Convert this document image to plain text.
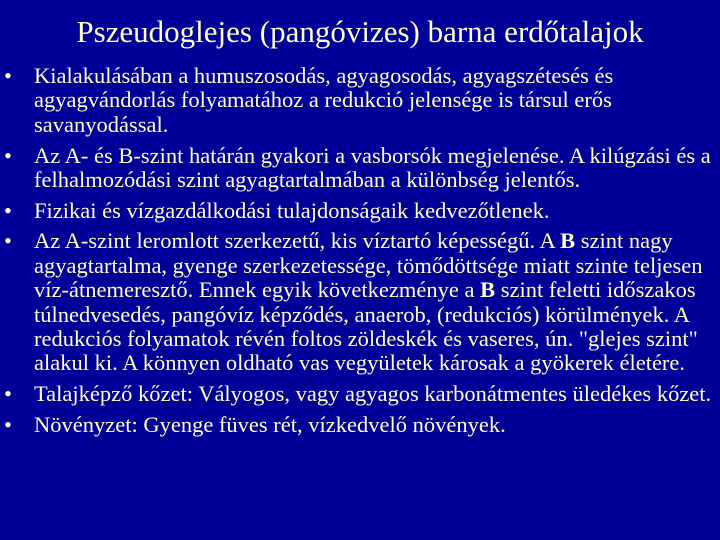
Pszeudoglejes (pangóvizes) barna erdőtalajok
• Kialakulásában a humuszosodás, agyagosodás, agyagszétesés és agyagvándorlás folyamatához a redukció jelensége is társul erős savanyodással.
• Az A- és B-szint határán gyakori a vasborsók megjelenése. A kilúgzási és a felhalmozódási szint agyagtartalmában a különbség jelentős.
• Fizikai és vízgazdálkodási tulajdonságaik kedvezőtlenek.
• Az A-szint leromlott szerkezetű, kis víztartó képességű. A B szint nagy agyagtartalma, gyenge szerkezetessége, tömődöttsége miatt szinte teljesen víz-átnemeresztő. Ennek egyik következménye a B szint feletti időszakos túlnedvesedés, pangóvíz képződés, anaerob, (redukciós) körülmények. A redukciós folyamatok révén foltos zöldeskék és vaseres, ún. "glejes szint" alakul ki. A könnyen oldható vas vegyületek károsak a gyökerek életére.
• Talajképző kőzet: Vályogos, vagy agyagos karbonátmentes üledékes kőzet.
• Növényzet: Gyenge füves rét, vízkedvelő növények.
